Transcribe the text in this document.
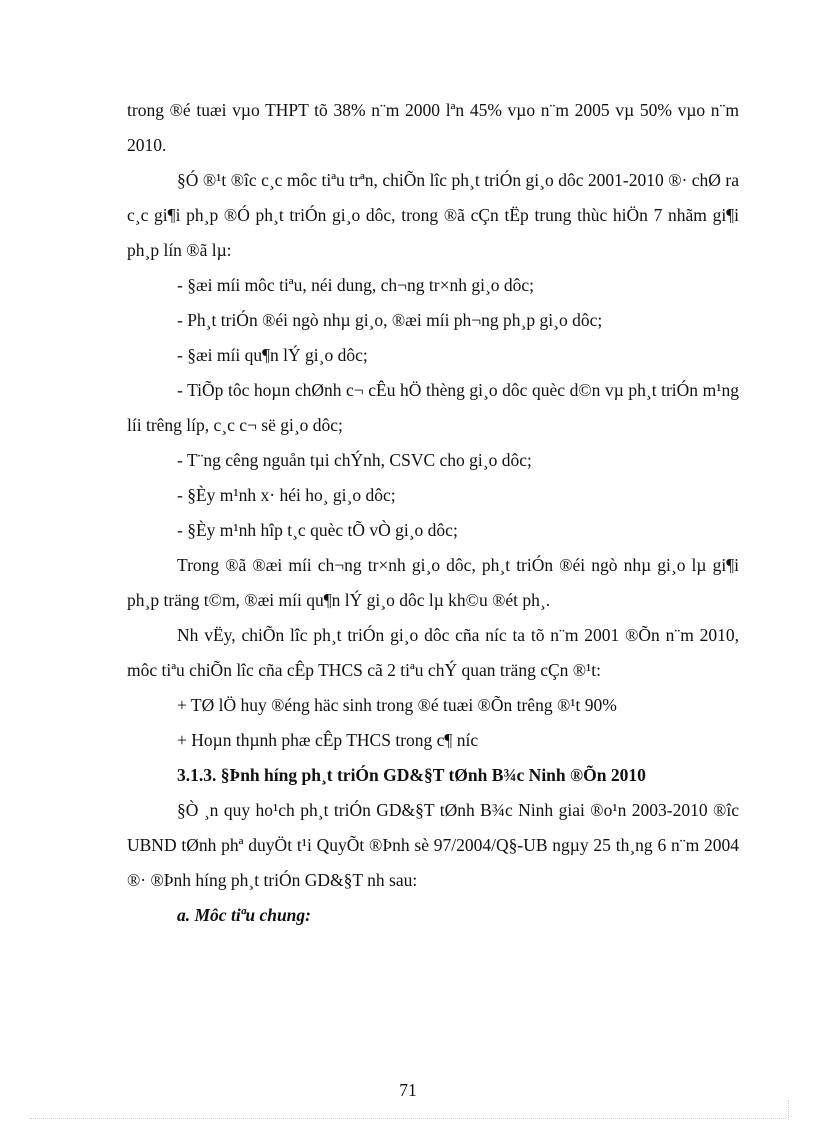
trong ®é tuæi vµo THPT tõ 38% n¨m 2000 lªn 45% vµo n¨m 2005 vµ 50% vµo n¨m 2010.

§Ó ®¹t ®îc c¸c môc tiªu trªn, chiÕn lîc ph¸t triÓn gi¸o dôc 2001-2010 ®· chØ ra c¸c gi¶i ph¸p ®Ó ph¸t triÓn gi¸o dôc, trong ®ã cÇn tËp trung thùc hiÖn 7 nhãm gi¶i ph¸p lín ®ã lµ:

- §æi míi môc tiªu, néi dung, ch¬ng tr×nh gi¸o dôc;

- Ph¸t triÓn ®éi ngò nhµ gi¸o, ®æi míi ph¬ng ph¸p gi¸o dôc;

- §æi míi qu¶n lÝ gi¸o dôc;

- TiÕp tôc hoµn chØnh c¬ cÊu hÖ thèng gi¸o dôc quèc d©n vµ ph¸t triÓn m¹ng líi trêng líp, c¸c c¬ së gi¸o dôc;

- T¨ng cêng nguån tµi chÝnh, CSVC cho gi¸o dôc;

- §Èy m¹nh x· héi ho¸ gi¸o dôc;

- §Èy m¹nh hîp t¸c quèc tÕ vÒ gi¸o dôc;

Trong ®ã ®æi míi ch¬ng tr×nh gi¸o dôc, ph¸t triÓn ®éi ngò nhµ gi¸o lµ gi¶i ph¸p träng t©m, ®æi míi qu¶n lÝ gi¸o dôc lµ kh©u ®ét ph¸.

Nh vËy, chiÕn lîc ph¸t triÓn gi¸o dôc cña níc ta tõ n¨m 2001 ®Õn n¨m 2010, môc tiªu chiÕn lîc cña cÊp THCS cã 2 tiªu chÝ quan träng cÇn ®¹t:

+ TØ lÖ huy ®éng häc sinh trong ®é tuæi ®Õn trêng ®¹t 90%

+ Hoµn thµnh phæ cÊp THCS trong c¶ níc

3.1.3. §Þnh híng ph¸t triÓn GD&§T tØnh B¾c Ninh ®Õn 2010

§Ò ¸n quy ho¹ch ph¸t triÓn GD&§T tØnh B¾c Ninh giai ®o¹n 2003-2010 ®îc UBND tØnh phª duyÖt t¹i QuyÕt ®Þnh sè 97/2004/Q§-UB ngµy 25 th¸ng 6 n¨m 2004 ®· ®Þnh híng ph¸t triÓn GD&§T nh sau:

a. Môc tiªu chung:

71
